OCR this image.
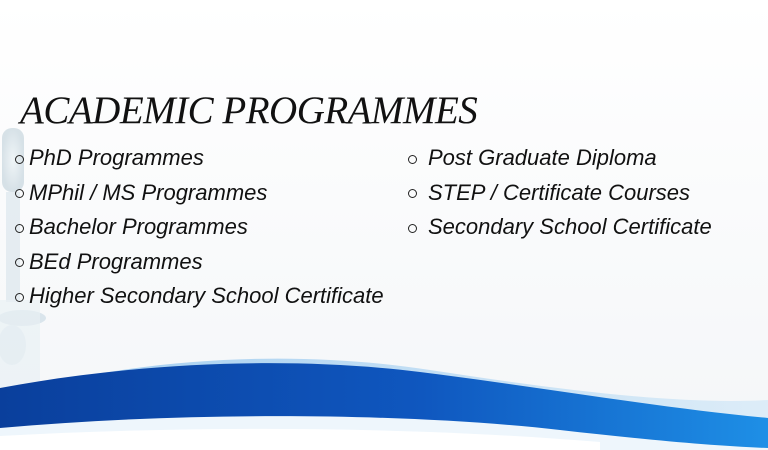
ACADEMIC PROGRAMMES
PhD Programmes
MPhil / MS Programmes
Bachelor Programmes
BEd Programmes
Higher Secondary School Certificate
Post Graduate Diploma
STEP / Certificate Courses
Secondary School Certificate
